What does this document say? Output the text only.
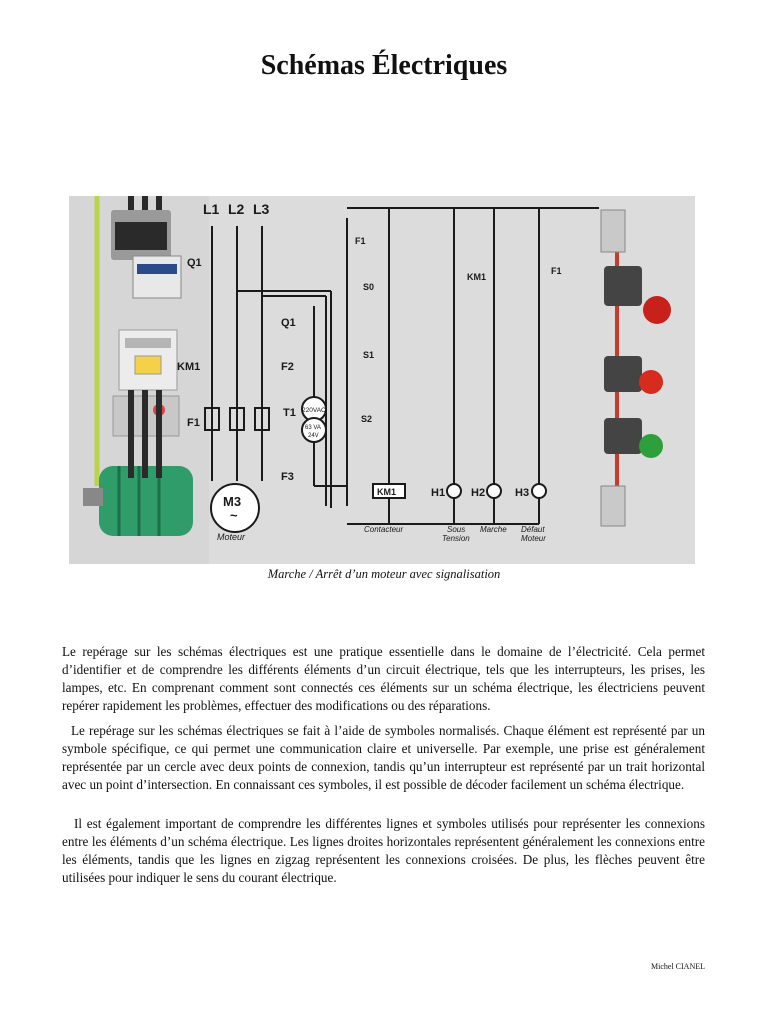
Schémas Électriques
L1 L2 L3
Q1
Q1
KM1
F1
F2
F3
T1 220VAC
63 VA
24V
M3
~
Moteur
F1
S0
S1
S2
KM1
F1
KM1	H1 H2	H3
Contacteur	Sous
Tension
Marche Défaut
Moteur
Marche / Arrêt d’un moteur avec signalisation

Le repérage sur les schémas électriques est une pratique essentielle dans le domaine de l’électricité. Cela permet d’identifier et de comprendre les différents éléments d’un circuit électrique, tels que les interrupteurs, les prises, les lampes, etc. En comprenant comment sont connectés ces éléments sur un schéma électrique, les électriciens peuvent repérer rapidement les problèmes, effectuer des modifications ou des réparations.

Le repérage sur les schémas électriques se fait à l’aide de symboles normalisés. Chaque élément est représenté par un symbole spécifique, ce qui permet une communication claire et universelle. Par exemple, une prise est généralement représentée par un cercle avec deux points de connexion, tandis qu’un interrupteur est représenté par un trait horizontal avec un point d’intersection. En connaissant ces symboles, il est possible de décoder facilement un schéma électrique.

Il est également important de comprendre les différentes lignes et symboles utilisés pour représenter les connexions entre les éléments d’un schéma électrique. Les lignes droites horizontales représentent généralement les connexions entre les éléments, tandis que les lignes en zigzag représentent les connexions croisées. De plus, les flèches peuvent être utilisées pour indiquer le sens du courant électrique.

Michel CIANEL
